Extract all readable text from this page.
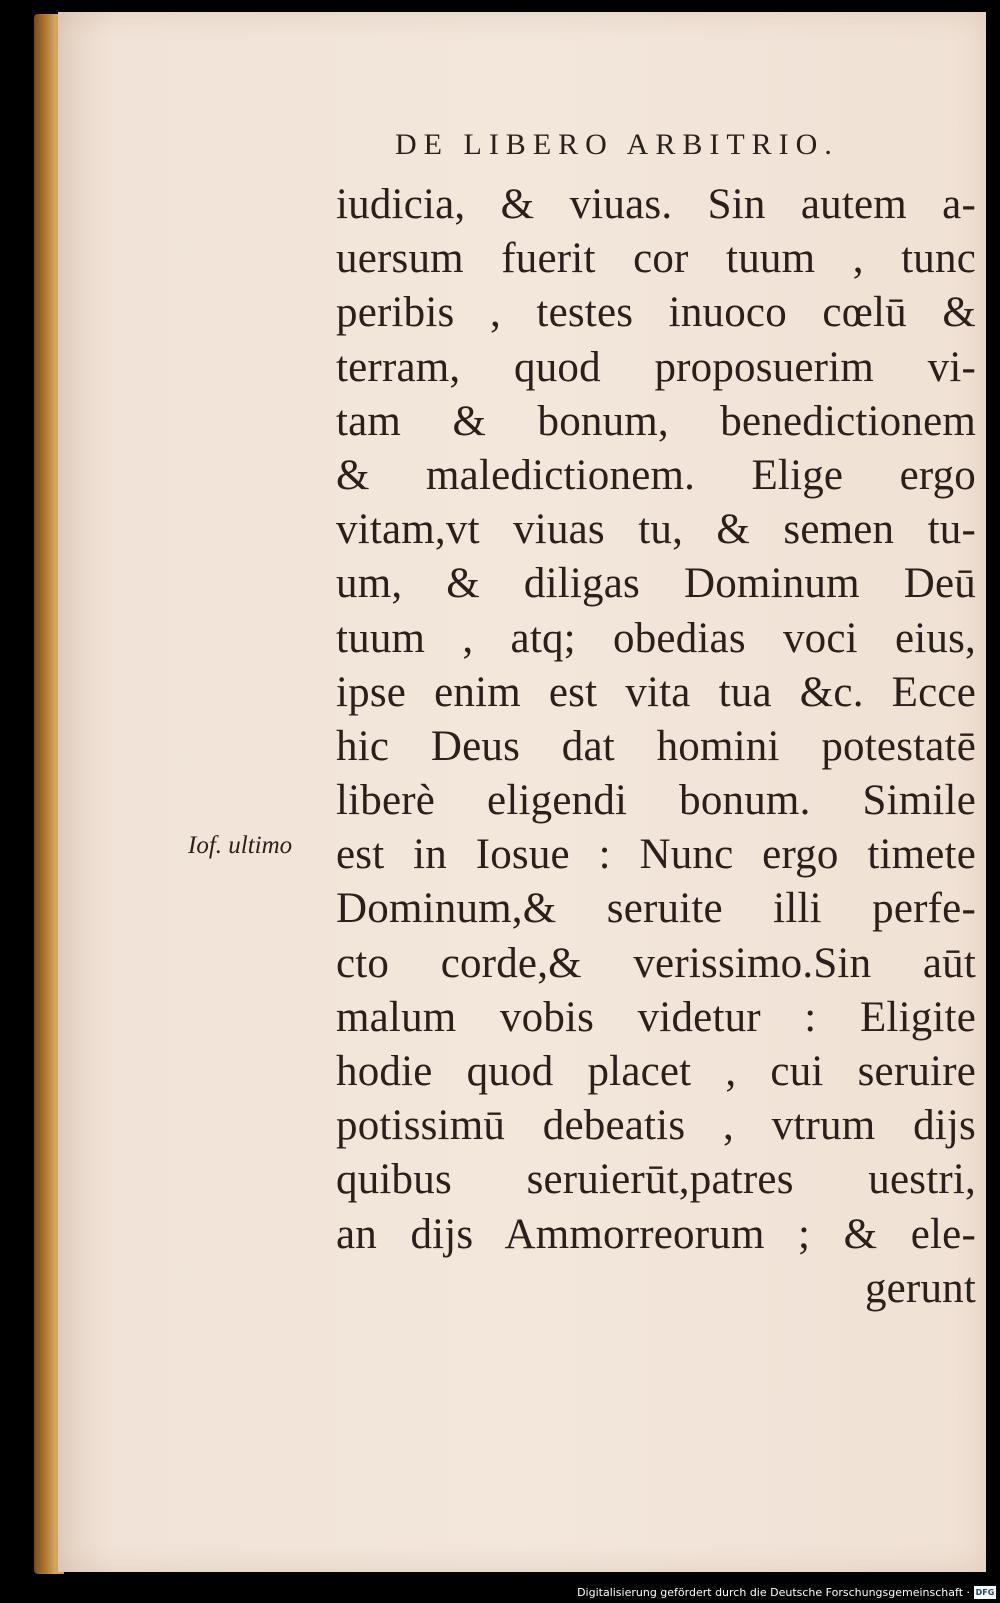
DE LIBERO ARBITRIO.
Iof. ultimo
iudicia, & viuas. Sin autem a-
uersum fuerit cor tuum , tunc
peribis , testes inuoco cœlū &
terram, quod proposuerim vi-
tam & bonum, benedictionem
& maledictionem. Elige ergo
vitam,vt viuas tu, & semen tu-
um, & diligas Dominum Deū
tuum , atq; obedias voci eius,
ipse enim est vita tua &c. Ecce
hic Deus dat homini potestatē
liberè eligendi bonum. Simile
est in Iosue : Nunc ergo timete
Dominum,& seruite illi perfe-
cto corde,& verissimo.Sin aūt
malum vobis videtur : Eligite
hodie quod placet , cui seruire
potissimū debeatis , vtrum dijs
quibus seruierūt,patres uestri,
an dijs Ammorreorum ; & ele-
gerunt
Digitalisierung gefördert durch die Deutsche Forschungsgemeinschaft · DFG
